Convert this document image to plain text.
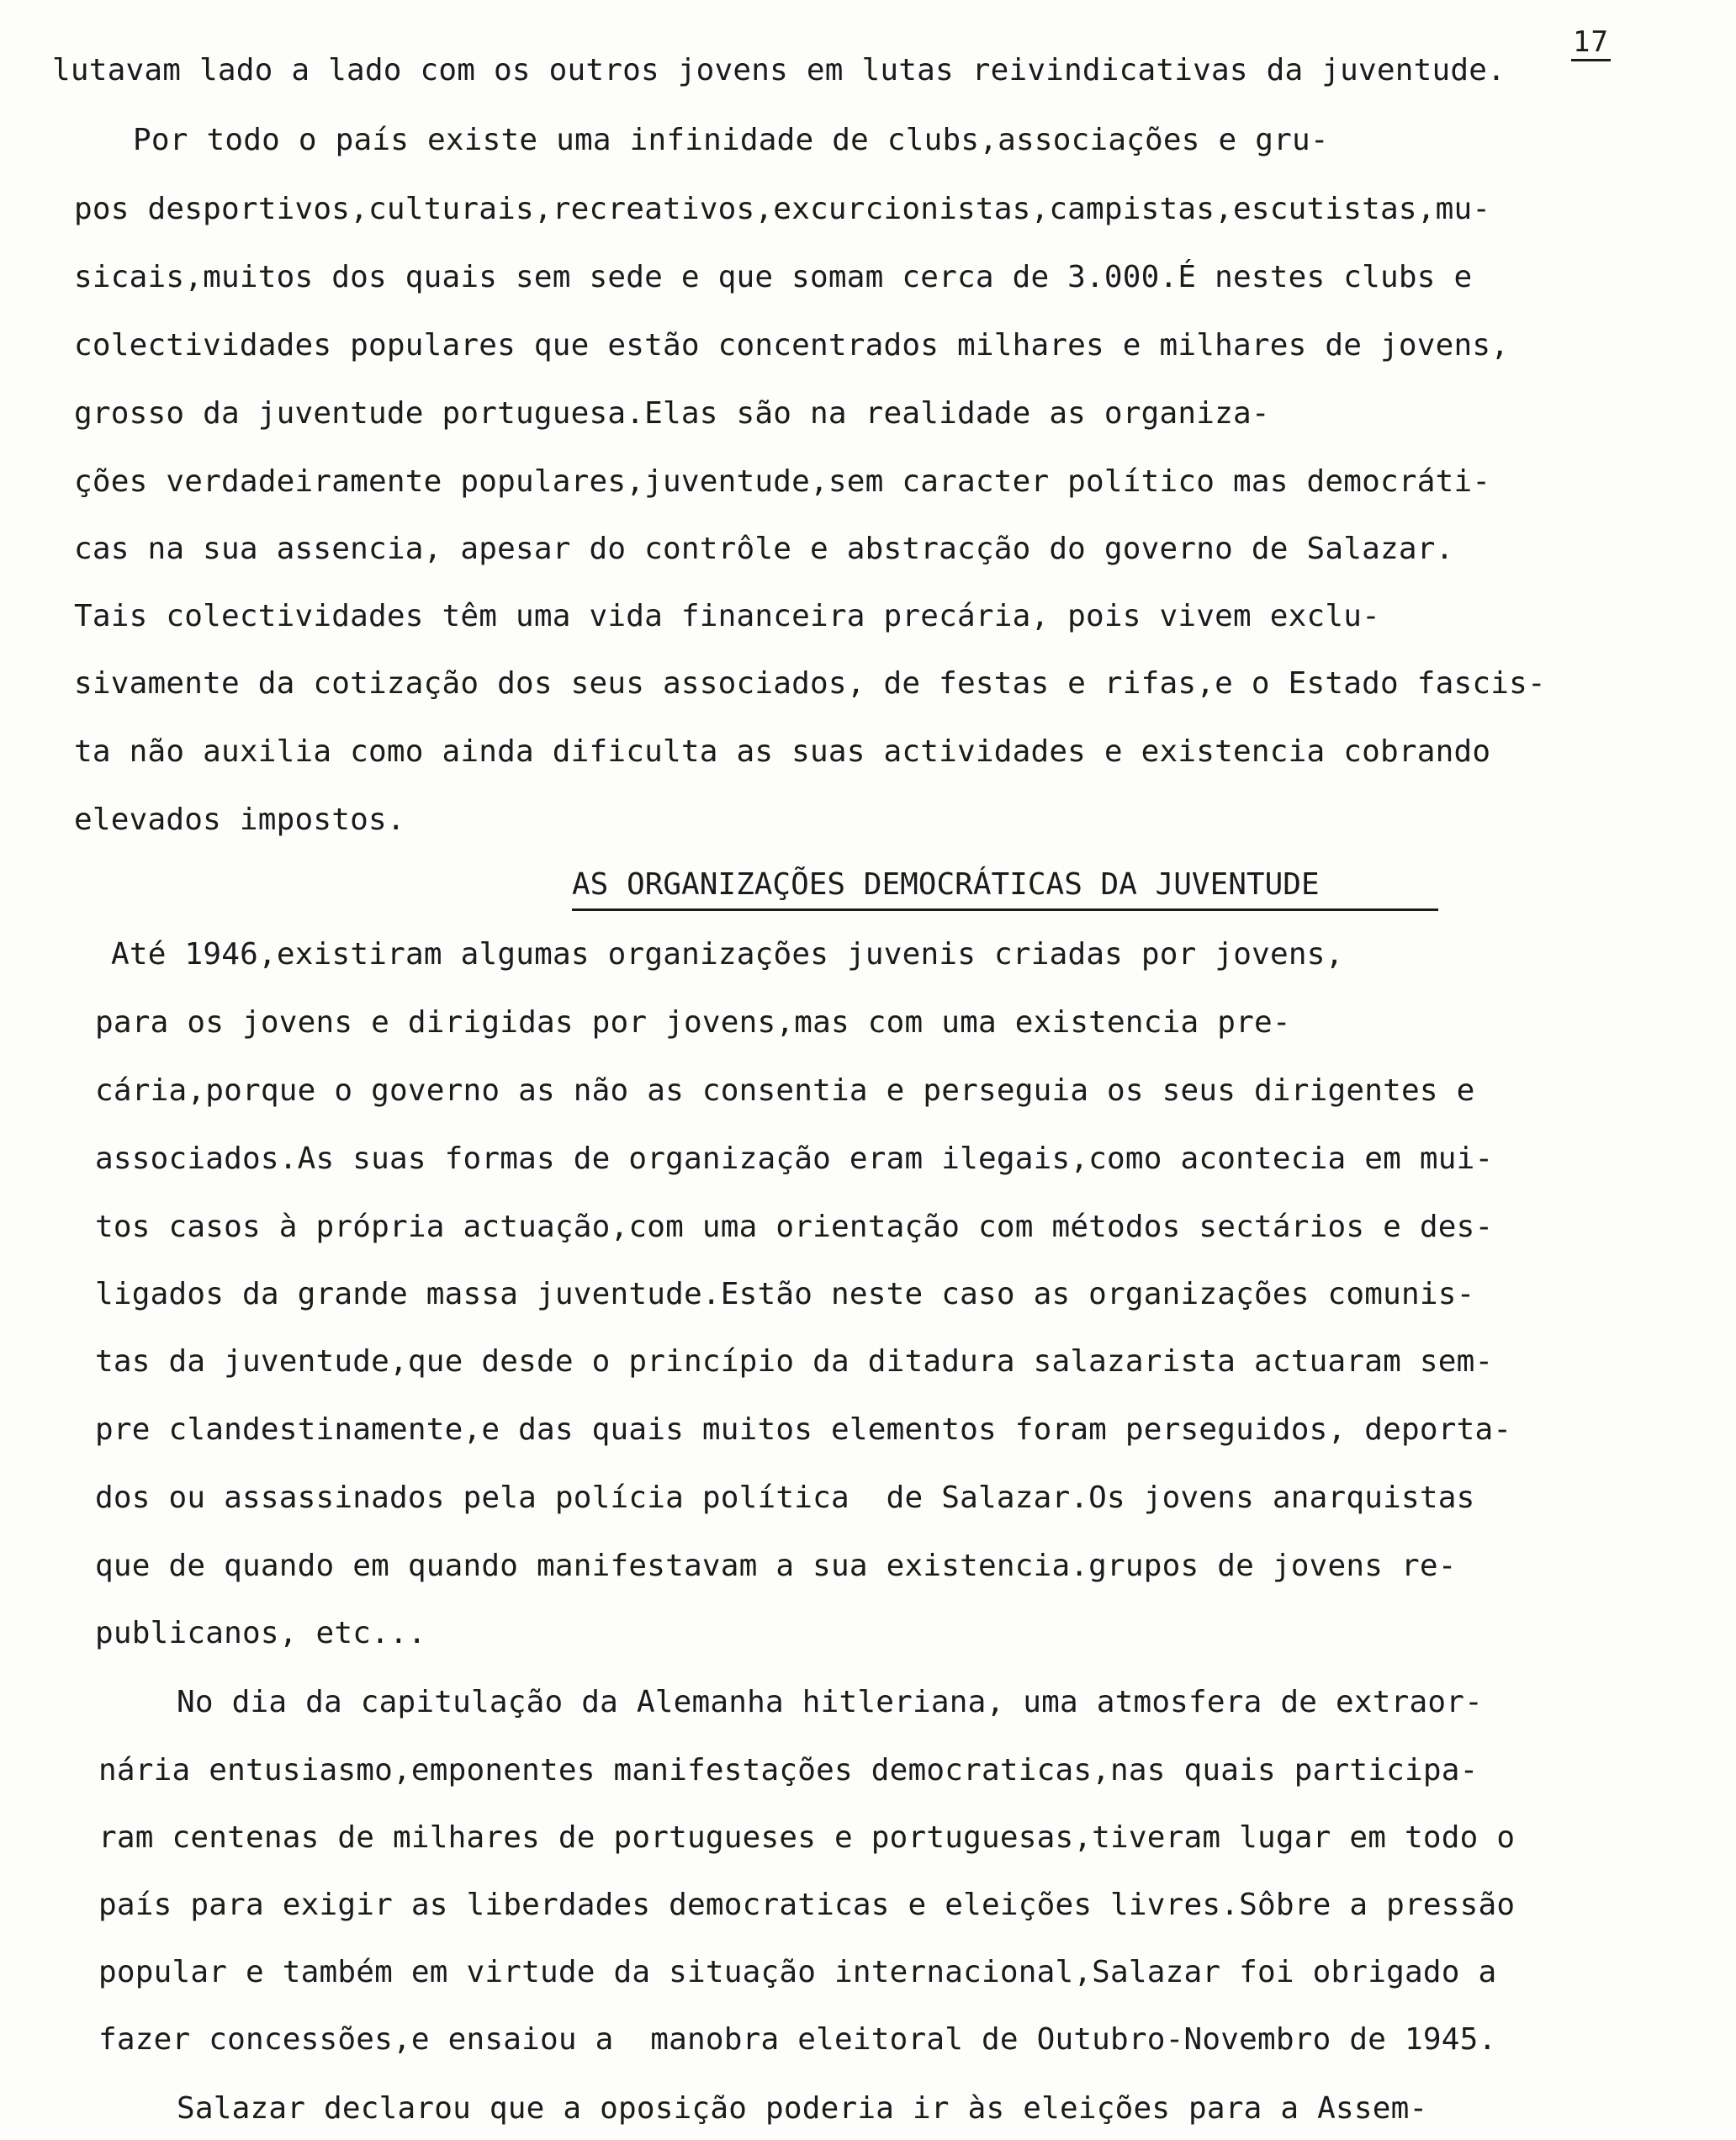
17
lutavam lado a lado com os outros jovens em lutas reivindicativas da juventude.
Por todo o país existe uma infinidade de clubs,associações e gru-
pos desportivos,culturais,recreativos,excurcionistas,campistas,escutistas,mu-
sicais,muitos dos quais sem sede e que somam cerca de 3.000.É nestes clubs e
colectividades populares que estão concentrados milhares e milhares de jovens,
grosso da juventude portuguesa.Elas são na realidade as organiza-
ções verdadeiramente populares,juventude,sem caracter político mas democráti-
cas na sua assencia, apesar do contrôle e abstracção do governo de Salazar.
Tais colectividades têm uma vida financeira precária, pois vivem exclu-
sivamente da cotização dos seus associados, de festas e rifas,e o Estado fascis-
ta não auxilia como ainda dificulta as suas actividades e existencia cobrando
elevados impostos.
AS ORGANIZAÇÕES DEMOCRÁTICAS DA JUVENTUDE
Até 1946,existiram algumas organizações juvenis criadas por jovens,
para os jovens e dirigidas por jovens,mas com uma existencia pre-
cária,porque o governo as não as consentia e perseguia os seus dirigentes e
associados.As suas formas de organização eram ilegais,como acontecia em mui-
tos casos à própria actuação,com uma orientação com métodos sectários e des-
ligados da grande massa juventude.Estão neste caso as organizações comunis-
tas da juventude,que desde o princípio da ditadura salazarista actuaram sem-
pre clandestinamente,e das quais muitos elementos foram perseguidos, deporta-
dos ou assassinados pela polícia política  de Salazar.Os jovens anarquistas
que de quando em quando manifestavam a sua existencia.grupos de jovens re-
publicanos, etc...
No dia da capitulação da Alemanha hitleriana, uma atmosfera de extraor-
nária entusiasmo,emponentes manifestações democraticas,nas quais participa-
ram centenas de milhares de portugueses e portuguesas,tiveram lugar em todo o
país para exigir as liberdades democraticas e eleições livres.Sôbre a pressão
popular e também em virtude da situação internacional,Salazar foi obrigado a
fazer concessões,e ensaiou a  manobra eleitoral de Outubro-Novembro de 1945.
Salazar declarou que a oposição poderia ir às eleições para a Assem-
